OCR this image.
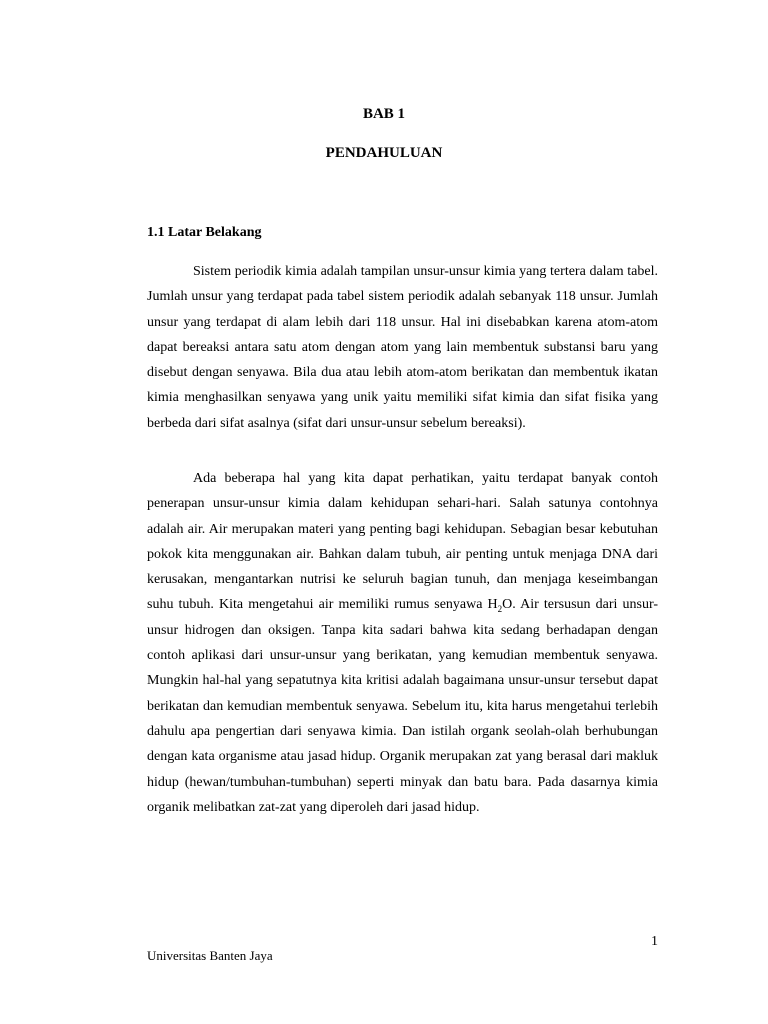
BAB 1
PENDAHULUAN
1.1 Latar Belakang

Sistem periodik kimia adalah tampilan unsur-unsur kimia yang tertera dalam tabel. Jumlah unsur yang terdapat pada tabel sistem periodik adalah sebanyak 118 unsur. Jumlah unsur yang terdapat di alam lebih dari 118 unsur. Hal ini disebabkan karena atom-atom dapat bereaksi antara satu atom dengan atom yang lain membentuk substansi baru yang disebut dengan senyawa. Bila dua atau lebih atom-atom berikatan dan membentuk ikatan kimia menghasilkan senyawa yang unik yaitu memiliki sifat kimia dan sifat fisika yang berbeda dari sifat asalnya (sifat dari unsur-unsur sebelum bereaksi).

Ada beberapa hal yang kita dapat perhatikan, yaitu terdapat banyak contoh penerapan unsur-unsur kimia dalam kehidupan sehari-hari. Salah satunya contohnya adalah air. Air merupakan materi yang penting bagi kehidupan. Sebagian besar kebutuhan pokok kita menggunakan air. Bahkan dalam tubuh, air penting untuk menjaga DNA dari kerusakan, mengantarkan nutrisi ke seluruh bagian tunuh, dan menjaga keseimbangan suhu tubuh. Kita mengetahui air memiliki rumus senyawa $H_2O$. Air tersusun dari unsur-unsur hidrogen dan oksigen. Tanpa kita sadari bahwa kita sedang berhadapan dengan contoh aplikasi dari unsur-unsur yang berikatan, yang kemudian membentuk senyawa. Mungkin hal-hal yang sepatutnya kita kritisi adalah bagaimana unsur-unsur tersebut dapat berikatan dan kemudian membentuk senyawa. Sebelum itu, kita harus mengetahui terlebih dahulu apa pengertian dari senyawa kimia. Dan istilah organk seolah-olah berhubungan dengan kata organisme atau jasad hidup. Organik merupakan zat yang berasal dari makluk hidup (hewan/tumbuhan-tumbuhan) seperti minyak dan batu bara. Pada dasarnya kimia organik melibatkan zat-zat yang diperoleh dari jasad hidup.

1
Universitas Banten Jaya
